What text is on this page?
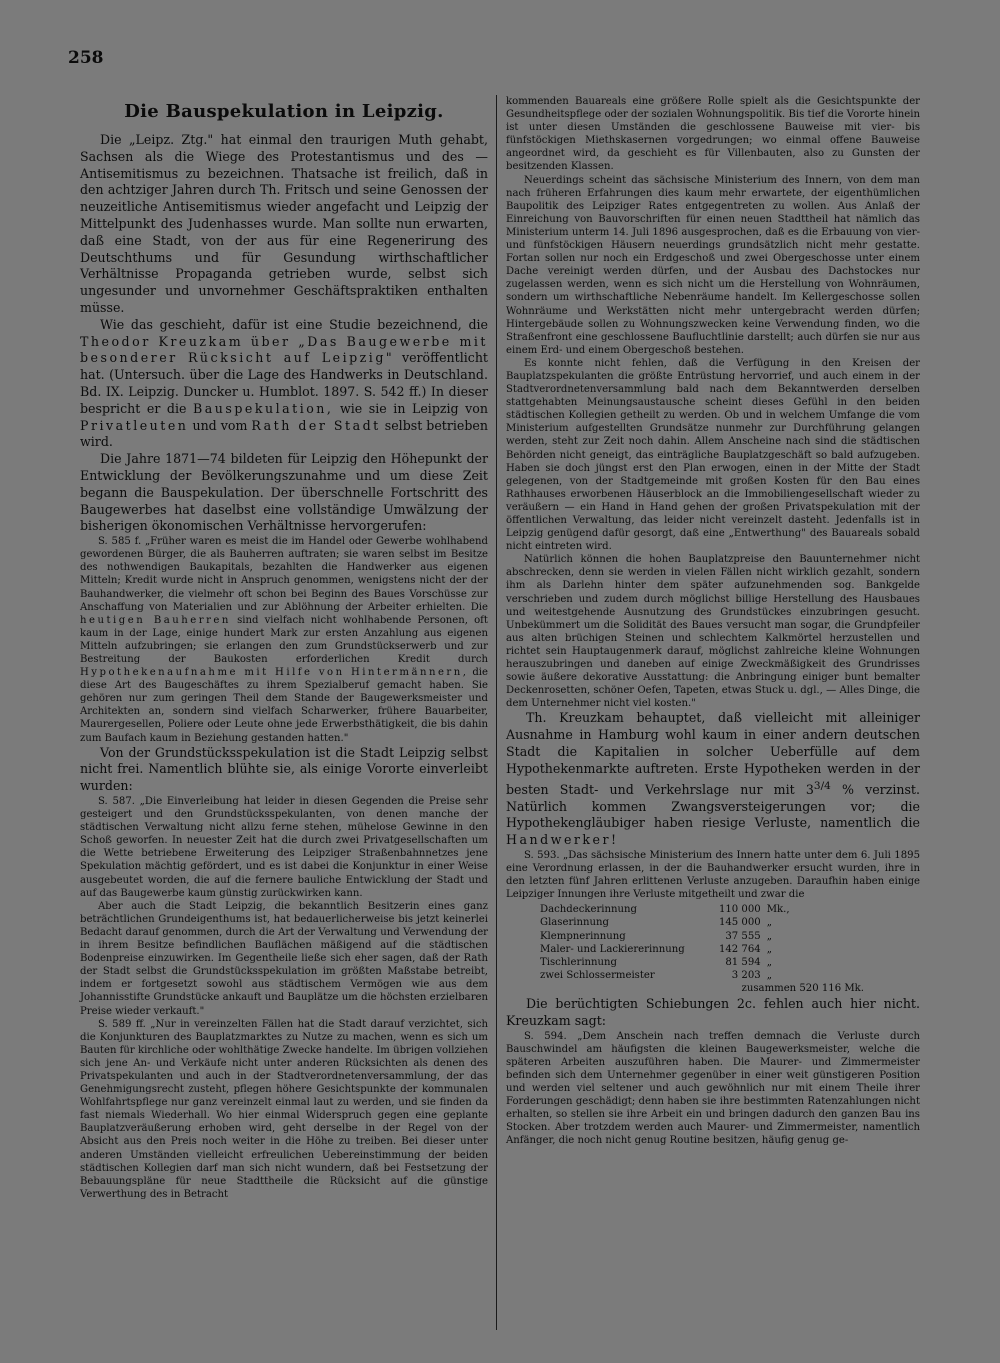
258
Die Bauspekulation in Leipzig.

Die „Leipz. Ztg." hat einmal den traurigen Muth gehabt, Sachsen als die Wiege des Protestantismus und des — Antisemitismus zu bezeichnen. Thatsache ist freilich, daß in den achtziger Jahren durch Th. Fritsch und seine Genossen der neuzeitliche Antisemitismus wieder angefacht und Leipzig der Mittelpunkt des Judenhasses wurde. Man sollte nun erwarten, daß eine Stadt, von der aus für eine Regenerirung des Deutschthums und für Gesundung wirthschaftlicher Verhältnisse Propaganda getrieben wurde, selbst sich ungesunder und unvornehmer Geschäftspraktiken enthalten müsse.

Wie das geschieht, dafür ist eine Studie bezeichnend, die Theodor Kreuzkam über „Das Baugewerbe mit besonderer Rücksicht auf Leipzig" veröffentlicht hat. (Untersuch. über die Lage des Handwerks in Deutschland. Bd. IX. Leipzig. Duncker u. Humblot. 1897. S. 542 ff.) In dieser bespricht er die Bauspekulation, wie sie in Leipzig von Privatleuten und vom Rath der Stadt selbst betrieben wird.

Die Jahre 1871—74 bildeten für Leipzig den Höhepunkt der Entwicklung der Bevölkerungszunahme und um diese Zeit begann die Bauspekulation. Der überschnelle Fortschritt des Baugewerbes hat daselbst eine vollständige Umwälzung der bisherigen ökonomischen Verhältnisse hervorgerufen:

S. 585 f. „Früher waren es meist die im Handel oder Gewerbe wohlhabend gewordenen Bürger, die als Bauherren auftraten; sie waren selbst im Besitze des nothwendigen Baukapitals, bezahlten die Handwerker aus eigenen Mitteln; Kredit wurde nicht in Anspruch genommen, wenigstens nicht der der Bauhandwerker, die vielmehr oft schon bei Beginn des Baues Vorschüsse zur Anschaffung von Materialien und zur Ablöhnung der Arbeiter erhielten. Die heutigen Bauherren sind vielfach nicht wohlhabende Personen, oft kaum in der Lage, einige hundert Mark zur ersten Anzahlung aus eigenen Mitteln aufzubringen; sie erlangen den zum Grundstückserwerb und zur Bestreitung der Baukosten erforderlichen Kredit durch Hypothekenaufnahme mit Hilfe von Hintermännern, die diese Art des Baugeschäftes zu ihrem Spezialberuf gemacht haben. Sie gehören nur zum geringen Theil dem Stande der Baugewerksmeister und Architekten an, sondern sind vielfach Scharwerker, frühere Bauarbeiter, Maurergesellen, Poliere oder Leute ohne jede Erwerbsthätigkeit, die bis dahin zum Baufach kaum in Beziehung gestanden hatten."

Von der Grundstücksspekulation ist die Stadt Leipzig selbst nicht frei. Namentlich blühte sie, als einige Vororte einverleibt wurden:

S. 587. „Die Einverleibung hat leider in diesen Gegenden die Preise sehr gesteigert und den Grundstücksspekulanten, von denen manche der städtischen Verwaltung nicht allzu ferne stehen, mühelose Gewinne in den Schoß geworfen. In neuester Zeit hat die durch zwei Privatgesellschaften um die Wette betriebene Erweiterung des Leipziger Straßenbahnnetzes jene Spekulation mächtig gefördert, und es ist dabei die Konjunktur in einer Weise ausgebeutet worden, die auf die fernere bauliche Entwicklung der Stadt und auf das Baugewerbe kaum günstig zurückwirken kann.

Aber auch die Stadt Leipzig, die bekanntlich Besitzerin eines ganz beträchtlichen Grundeigenthums ist, hat bedauerlicherweise bis jetzt keinerlei Bedacht darauf genommen, durch die Art der Verwaltung und Verwendung der in ihrem Besitze befindlichen Bauflächen mäßigend auf die städtischen Bodenpreise einzuwirken. Im Gegentheile ließe sich eher sagen, daß der Rath der Stadt selbst die Grundstücksspekulation im größten Maßstabe betreibt, indem er fortgesetzt sowohl aus städtischem Vermögen wie aus dem Johannisstifte Grundstücke ankauft und Bauplätze um die höchsten erzielbaren Preise wieder verkauft."

S. 589 ff. „Nur in vereinzelten Fällen hat die Stadt darauf verzichtet, sich die Konjunkturen des Bauplatzmarktes zu Nutze zu machen, wenn es sich um Bauten für kirchliche oder wohlthätige Zwecke handelte. Im übrigen vollziehen sich jene An- und Verkäufe nicht unter anderen Rücksichten als denen des Privatspekulanten und auch in der Stadtverordnetenversammlung, der das Genehmigungsrecht zusteht, pflegen höhere Gesichtspunkte der kommunalen Wohlfahrtspflege nur ganz vereinzelt einmal laut zu werden, und sie finden da fast niemals Wiederhall. Wo hier einmal Widerspruch gegen eine geplante Bauplatzveräußerung erhoben wird, geht derselbe in der Regel von der Absicht aus den Preis noch weiter in die Höhe zu treiben. Bei dieser unter anderen Umständen vielleicht erfreulichen Uebereinstimmung der beiden städtischen Kollegien darf man sich nicht wundern, daß bei Festsetzung der Bebauungspläne für neue Stadttheile die Rücksicht auf die günstige Verwerthung des in Betracht

kommenden Bauareals eine größere Rolle spielt als die Gesichtspunkte der Gesundheitspflege oder der sozialen Wohnungspolitik. Bis tief die Vororte hinein ist unter diesen Umständen die geschlossene Bauweise mit vier- bis fünfstöckigen Miethskasernen vorgedrungen; wo einmal offene Bauweise angeordnet wird, da geschieht es für Villenbauten, also zu Gunsten der besitzenden Klassen.

Neuerdings scheint das sächsische Ministerium des Innern, von dem man nach früheren Erfahrungen dies kaum mehr erwartete, der eigenthümlichen Baupolitik des Leipziger Rates entgegentreten zu wollen. Aus Anlaß der Einreichung von Bauvorschriften für einen neuen Stadttheil hat nämlich das Ministerium unterm 14. Juli 1896 ausgesprochen, daß es die Erbauung von vier- und fünfstöckigen Häusern neuerdings grundsätzlich nicht mehr gestatte. Fortan sollen nur noch ein Erdgeschoß und zwei Obergeschosse unter einem Dache vereinigt werden dürfen, und der Ausbau des Dachstockes nur zugelassen werden, wenn es sich nicht um die Herstellung von Wohnräumen, sondern um wirthschaftliche Nebenräume handelt. Im Kellergeschosse sollen Wohnräume und Werkstätten nicht mehr untergebracht werden dürfen; Hintergebäude sollen zu Wohnungszwecken keine Verwendung finden, wo die Straßenfront eine geschlossene Baufluchtlinie darstellt; auch dürfen sie nur aus einem Erd- und einem Obergeschoß bestehen.

Es konnte nicht fehlen, daß die Verfügung in den Kreisen der Bauplatzspekulanten die größte Entrüstung hervorrief, und auch einem in der Stadtverordnetenversammlung bald nach dem Bekanntwerden derselben stattgehabten Meinungsaustausche scheint dieses Gefühl in den beiden städtischen Kollegien getheilt zu werden. Ob und in welchem Umfange die vom Ministerium aufgestellten Grundsätze nunmehr zur Durchführung gelangen werden, steht zur Zeit noch dahin. Allem Anscheine nach sind die städtischen Behörden nicht geneigt, das einträgliche Bauplatzgeschäft so bald aufzugeben. Haben sie doch jüngst erst den Plan erwogen, einen in der Mitte der Stadt gelegenen, von der Stadtgemeinde mit großen Kosten für den Bau eines Rathhauses erworbenen Häuserblock an die Immobiliengesellschaft wieder zu veräußern — ein Hand in Hand gehen der großen Privatspekulation mit der öffentlichen Verwaltung, das leider nicht vereinzelt dasteht. Jedenfalls ist in Leipzig genügend dafür gesorgt, daß eine „Entwerthung" des Bauareals sobald nicht eintreten wird.

Natürlich können die hohen Bauplatzpreise den Bauunternehmer nicht abschrecken, denn sie werden in vielen Fällen nicht wirklich gezahlt, sondern ihm als Darlehn hinter dem später aufzunehmenden sog. Bankgelde verschrieben und zudem durch möglichst billige Herstellung des Hausbaues und weitestgehende Ausnutzung des Grundstückes einzubringen gesucht. Unbekümmert um die Solidität des Baues versucht man sogar, die Grundpfeiler aus alten brüchigen Steinen und schlechtem Kalkmörtel herzustellen und richtet sein Hauptaugenmerk darauf, möglichst zahlreiche kleine Wohnungen herauszubringen und daneben auf einige Zweckmäßigkeit des Grundrisses sowie äußere dekorative Ausstattung: die Anbringung einiger bunt bemalter Deckenrosetten, schöner Oefen, Tapeten, etwas Stuck u. dgl., — Alles Dinge, die dem Unternehmer nicht viel kosten."

Th. Kreuzkam behauptet, daß vielleicht mit alleiniger Ausnahme in Hamburg wohl kaum in einer andern deutschen Stadt die Kapitalien in solcher Ueberfülle auf dem Hypothekenmarkte auftreten. Erste Hypotheken werden in der besten Stadt- und Verkehrslage nur mit $3^{3/4}$ % verzinst. Natürlich kommen Zwangsversteigerungen vor; die Hypothekengläubiger haben riesige Verluste, namentlich die Handwerker!

S. 593. „Das sächsische Ministerium des Innern hatte unter dem 6. Juli 1895 eine Verordnung erlassen, in der die Bauhandwerker ersucht wurden, ihre in den letzten fünf Jahren erlittenen Verluste anzugeben. Daraufhin haben einige Leipziger Innungen ihre Verluste mitgetheilt und zwar die

Dachdeckerinnung	110 000	Mk.,
Glaserinnung	145 000	„
Klempnerinnung	37 555	„
Maler- und Lackiererinnung	142 764	„
Tischlerinnung	81 594	„
zwei Schlossermeister	3 203	„
zusammen 520 116 Mk.

Die berüchtigten Schiebungen 2c. fehlen auch hier nicht. Kreuzkam sagt:

S. 594. „Dem Anschein nach treffen demnach die Verluste durch Bauschwindel am häufigsten die kleinen Baugewerksmeister, welche die späteren Arbeiten auszuführen haben. Die Maurer- und Zimmermeister befinden sich dem Unternehmer gegenüber in einer weit günstigeren Position und werden viel seltener und auch gewöhnlich nur mit einem Theile ihrer Forderungen geschädigt; denn haben sie ihre bestimmten Ratenzahlungen nicht erhalten, so stellen sie ihre Arbeit ein und bringen dadurch den ganzen Bau ins Stocken. Aber trotzdem werden auch Maurer- und Zimmermeister, namentlich Anfänger, die noch nicht genug Routine besitzen, häufig genug ge-
